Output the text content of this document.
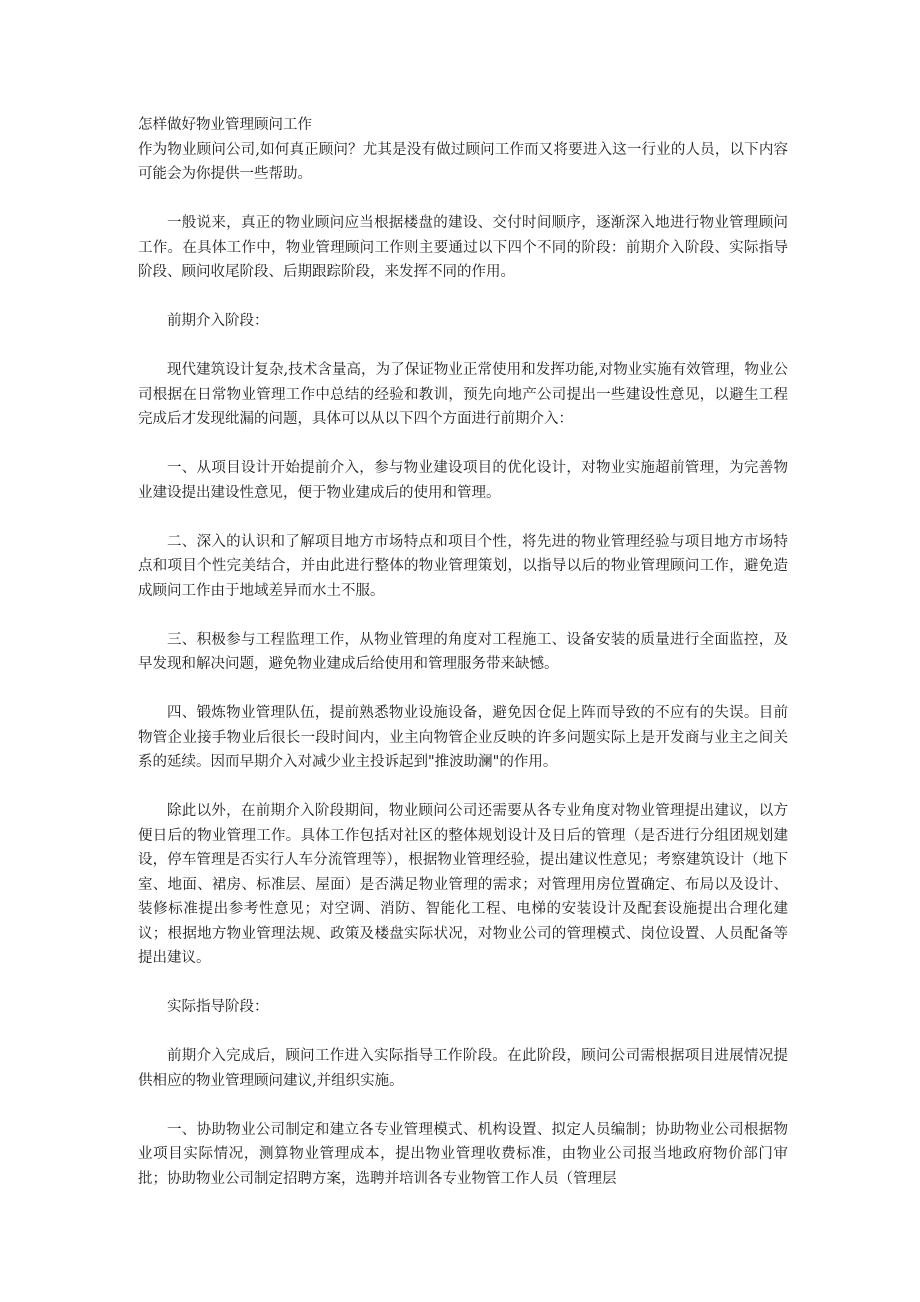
怎样做好物业管理顾问工作

作为物业顾问公司,如何真正顾问？尤其是没有做过顾问工作而又将要进入这一行业的人员，以下内容可能会为你提供一些帮助。

一般说来，真正的物业顾问应当根据楼盘的建设、交付时间顺序，逐渐深入地进行物业管理顾问工作。在具体工作中，物业管理顾问工作则主要通过以下四个不同的阶段：前期介入阶段、实际指导阶段、顾问收尾阶段、后期跟踪阶段，来发挥不同的作用。

前期介入阶段：

现代建筑设计复杂,技术含量高，为了保证物业正常使用和发挥功能,对物业实施有效管理，物业公司根据在日常物业管理工作中总结的经验和教训，预先向地产公司提出一些建设性意见，以避生工程完成后才发现纰漏的问题，具体可以从以下四个方面进行前期介入：

一、从项目设计开始提前介入，参与物业建设项目的优化设计，对物业实施超前管理，为完善物业建设提出建设性意见，便于物业建成后的使用和管理。

二、深入的认识和了解项目地方市场特点和项目个性，将先进的物业管理经验与项目地方市场特点和项目个性完美结合，并由此进行整体的物业管理策划，以指导以后的物业管理顾问工作，避免造成顾问工作由于地域差异而水土不服。

三、积极参与工程监理工作，从物业管理的角度对工程施工、设备安装的质量进行全面监控，及早发现和解决问题，避免物业建成后给使用和管理服务带来缺憾。

四、锻炼物业管理队伍，提前熟悉物业设施设备，避免因仓促上阵而导致的不应有的失误。目前物管企业接手物业后很长一段时间内，业主向物管企业反映的许多问题实际上是开发商与业主之间关系的延续。因而早期介入对减少业主投诉起到"推波助澜"的作用。

除此以外，在前期介入阶段期间，物业顾问公司还需要从各专业角度对物业管理提出建议，以方便日后的物业管理工作。具体工作包括对社区的整体规划设计及日后的管理（是否进行分组团规划建设，停车管理是否实行人车分流管理等），根据物业管理经验，提出建议性意见；考察建筑设计（地下室、地面、裙房、标准层、屋面）是否满足物业管理的需求；对管理用房位置确定、布局以及设计、装修标准提出参考性意见；对空调、消防、智能化工程、电梯的安装设计及配套设施提出合理化建议；根据地方物业管理法规、政策及楼盘实际状况，对物业公司的管理模式、岗位设置、人员配备等提出建议。

实际指导阶段：

前期介入完成后，顾问工作进入实际指导工作阶段。在此阶段，顾问公司需根据项目进展情况提供相应的物业管理顾问建议,并组织实施。

一、协助物业公司制定和建立各专业管理模式、机构设置、拟定人员编制；协助物业公司根据物业项目实际情况，测算物业管理成本，提出物业管理收费标准，由物业公司报当地政府物价部门审批；协助物业公司制定招聘方案，选聘并培训各专业物管工作人员（管理层
